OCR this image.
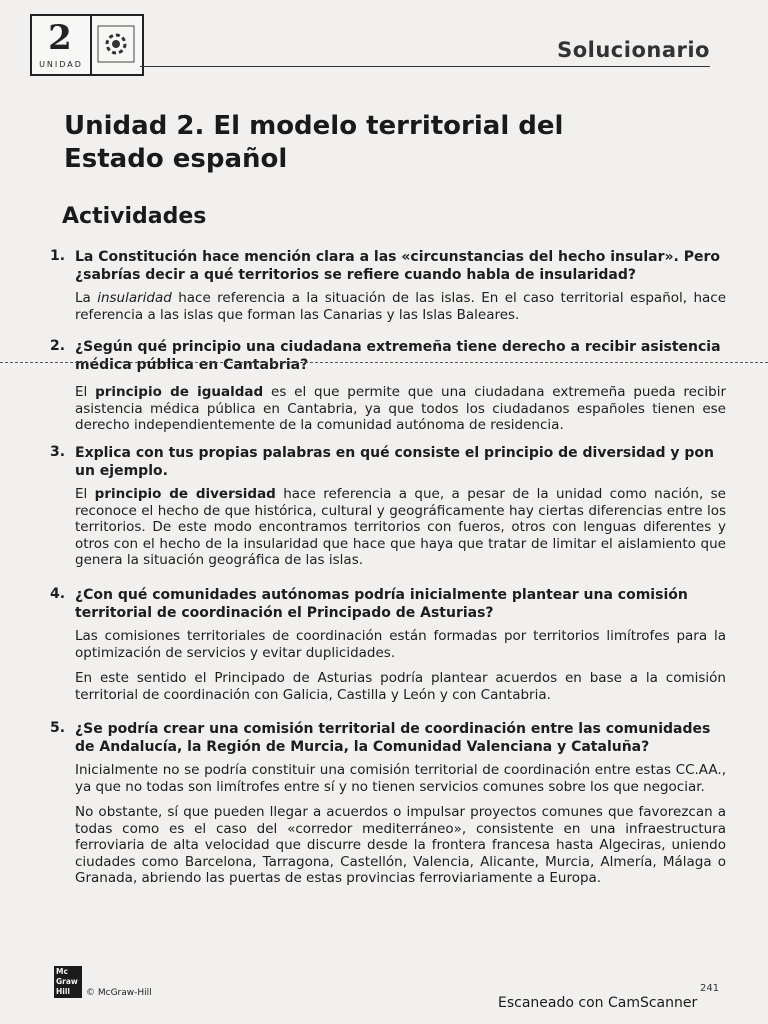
2
UNIDAD
Solucionario
Unidad 2. El modelo territorial del
Estado español
Actividades
1. La Constitución hace mención clara a las «circunstancias del hecho insular». Pero ¿sabrías decir a qué territorios se refiere cuando habla de insularidad?
La insularidad hace referencia a la situación de las islas. En el caso territorial español, hace referencia a las islas que forman las Canarias y las Islas Baleares.
2. ¿Según qué principio una ciudadana extremeña tiene derecho a recibir asistencia médica pública en Cantabria?
El principio de igualdad es el que permite que una ciudadana extremeña pueda recibir asistencia médica pública en Cantabria, ya que todos los ciudadanos españoles tienen ese derecho independientemente de la comunidad autónoma de residencia.
3. Explica con tus propias palabras en qué consiste el principio de diversidad y pon un ejemplo.
El principio de diversidad hace referencia a que, a pesar de la unidad como nación, se reconoce el hecho de que histórica, cultural y geográficamente hay ciertas diferencias entre los territorios. De este modo encontramos territorios con fueros, otros con lenguas diferentes y otros con el hecho de la insularidad que hace que haya que tratar de limitar el aislamiento que genera la situación geográfica de las islas.
4. ¿Con qué comunidades autónomas podría inicialmente plantear una comisión territorial de coordinación el Principado de Asturias?
Las comisiones territoriales de coordinación están formadas por territorios limítrofes para la optimización de servicios y evitar duplicidades.
En este sentido el Principado de Asturias podría plantear acuerdos en base a la comisión territorial de coordinación con Galicia, Castilla y León y con Cantabria.
5. ¿Se podría crear una comisión territorial de coordinación entre las comunidades de Andalucía, la Región de Murcia, la Comunidad Valenciana y Cataluña?
Inicialmente no se podría constituir una comisión territorial de coordinación entre estas CC.AA., ya que no todas son limítrofes entre sí y no tienen servicios comunes sobre los que negociar.
No obstante, sí que pueden llegar a acuerdos o impulsar proyectos comunes que favorezcan a todas como es el caso del «corredor mediterráneo», consistente en una infraestructura ferroviaria de alta velocidad que discurre desde la frontera francesa hasta Algeciras, uniendo ciudades como Barcelona, Tarragona, Castellón, Valencia, Alicante, Murcia, Almería, Málaga o Granada, abriendo las puertas de estas provincias ferroviariamente a Europa.
Mc
Graw
Hill	© McGraw-Hill	241
Escaneado con CamScanner
